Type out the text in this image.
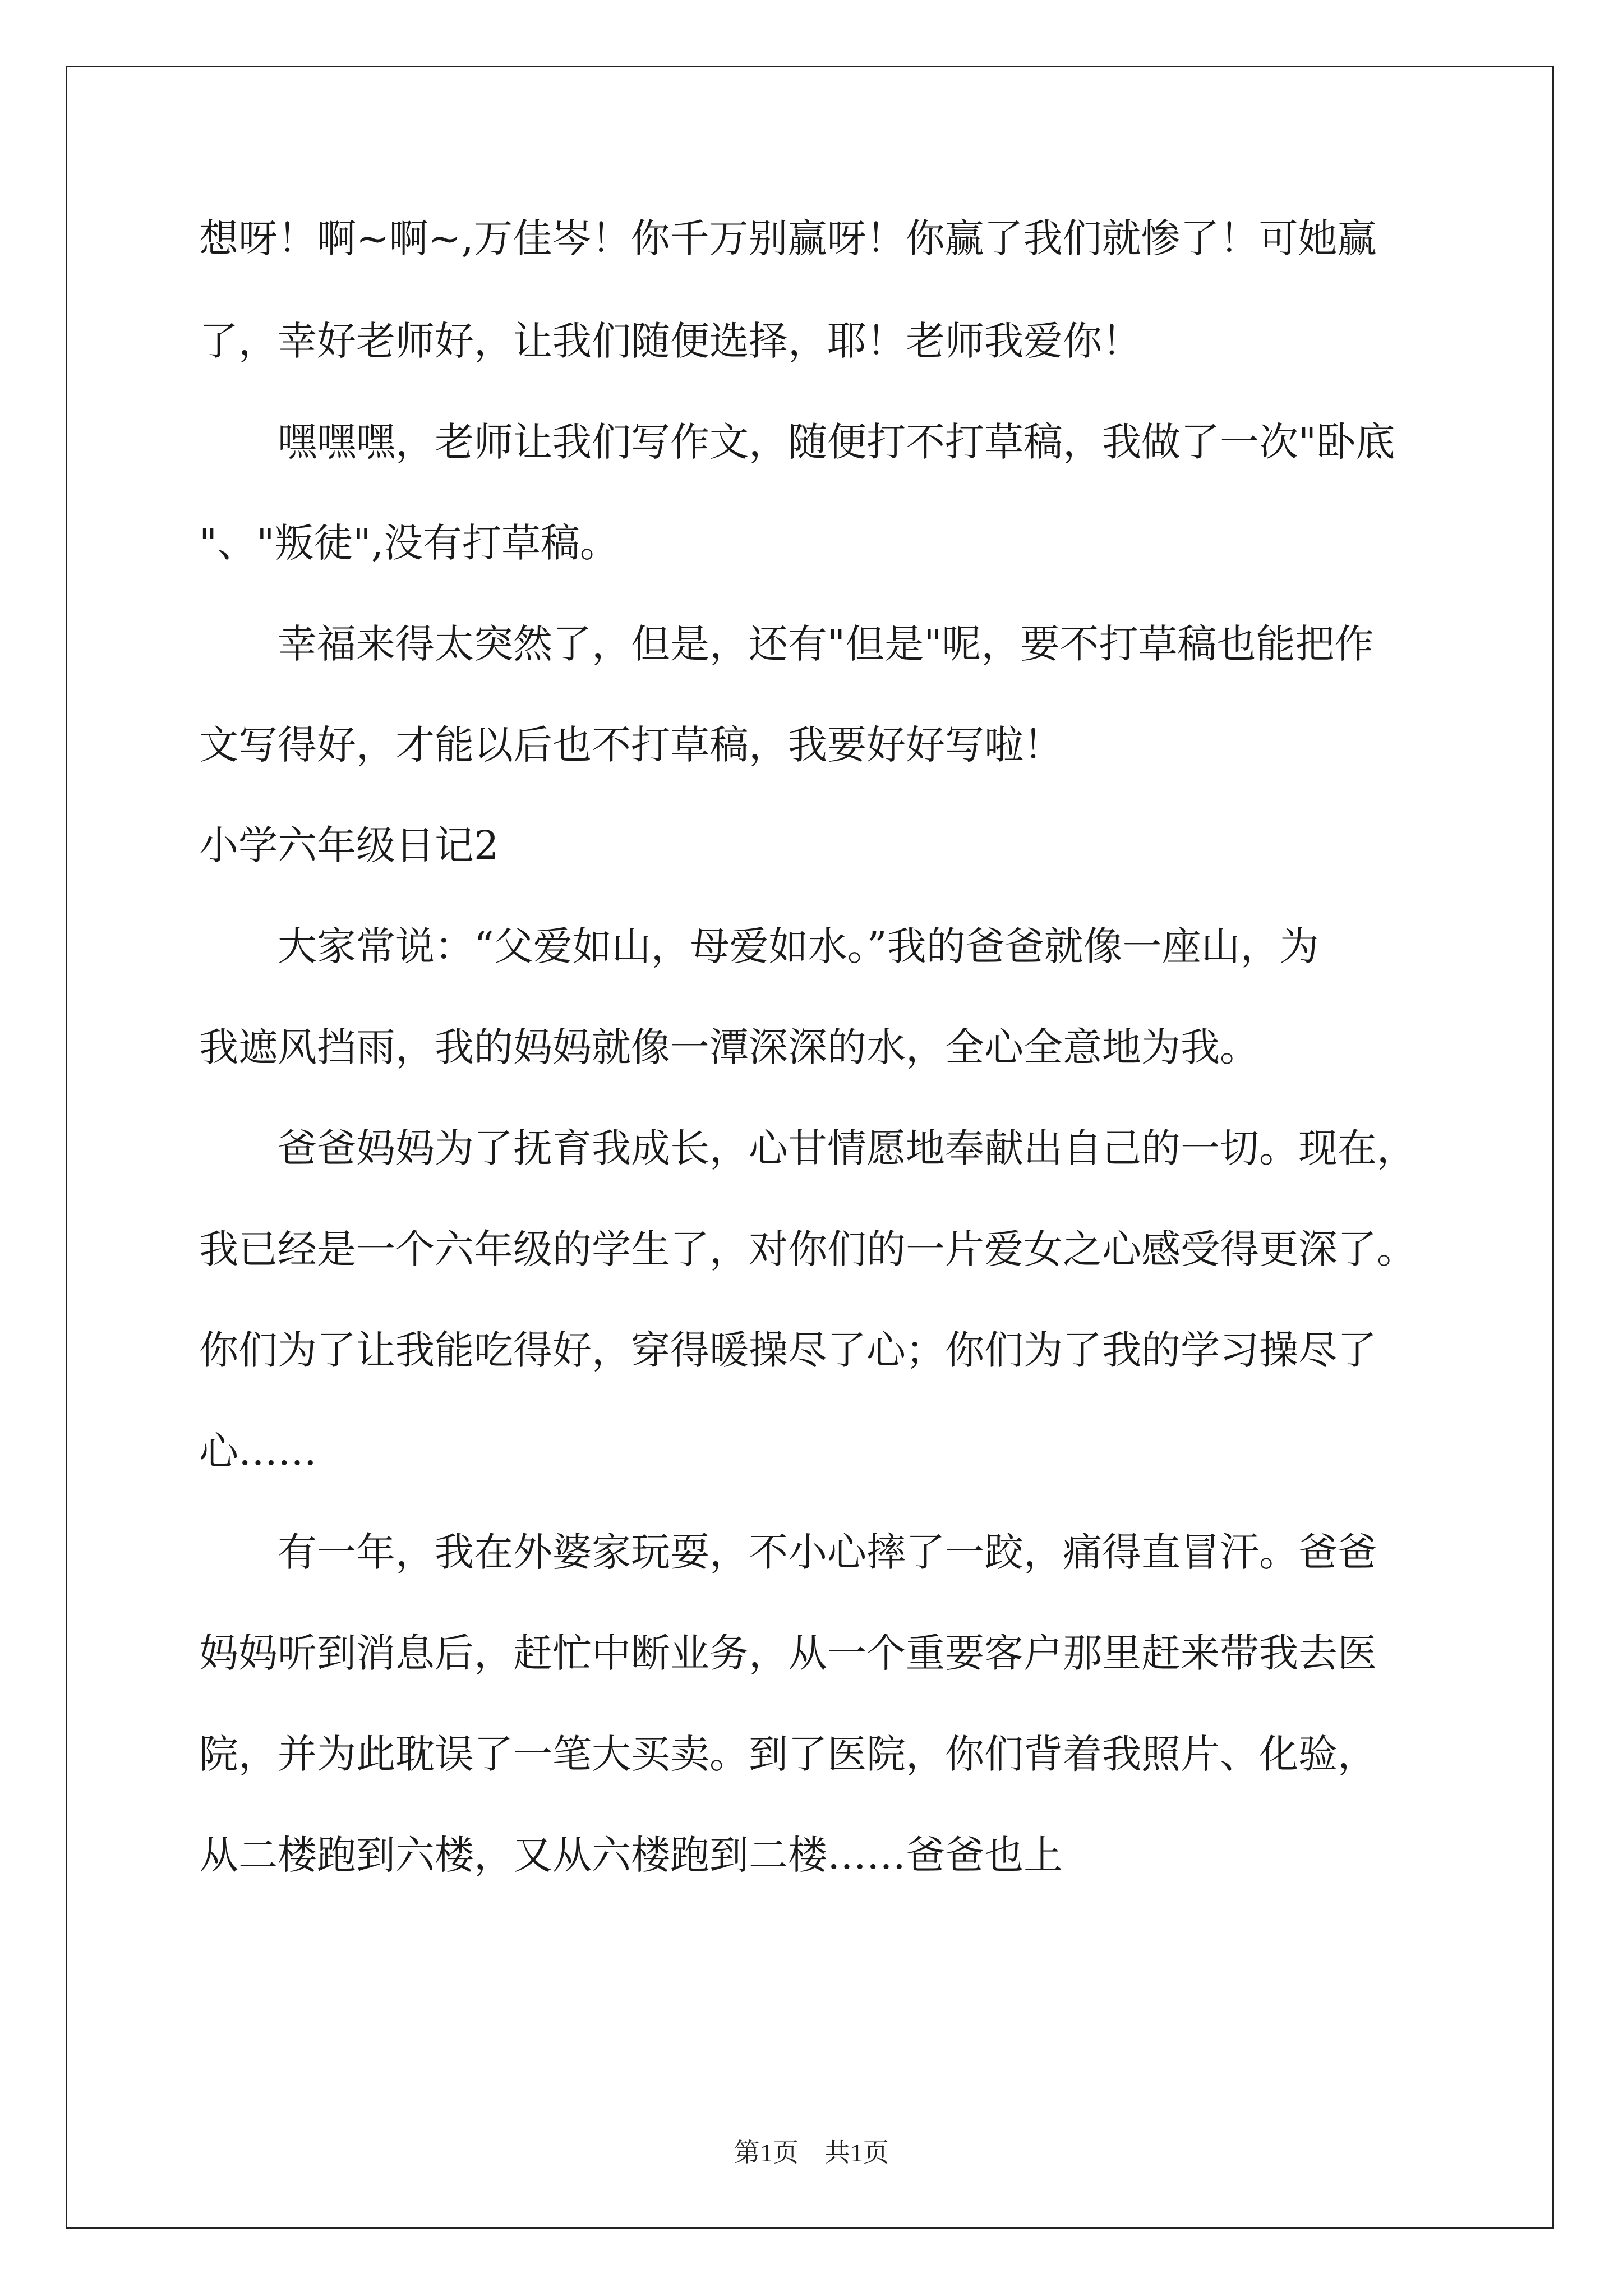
想呀！啊~啊~,万佳岑！你千万别赢呀！你赢了我们就惨了！可她赢
了，幸好老师好，让我们随便选择，耶！老师我爱你！
　　嘿嘿嘿，老师让我们写作文，随便打不打草稿，我做了一次"卧底
"、"叛徒",没有打草稿。
　　幸福来得太突然了，但是，还有"但是"呢，要不打草稿也能把作
文写得好，才能以后也不打草稿，我要好好写啦！
小学六年级日记2
　　大家常说：“父爱如山，母爱如水。”我的爸爸就像一座山，为
我遮风挡雨，我的妈妈就像一潭深深的水，全心全意地为我。
　　爸爸妈妈为了抚育我成长，心甘情愿地奉献出自己的一切。现在，
我已经是一个六年级的学生了，对你们的一片爱女之心感受得更深了。
你们为了让我能吃得好，穿得暖操尽了心；你们为了我的学习操尽了
心……
　　有一年，我在外婆家玩耍，不小心摔了一跤，痛得直冒汗。爸爸
妈妈听到消息后，赶忙中断业务，从一个重要客户那里赶来带我去医
院，并为此耽误了一笔大买卖。到了医院，你们背着我照片、化验，
从二楼跑到六楼，又从六楼跑到二楼……爸爸也上
第1页　共1页
